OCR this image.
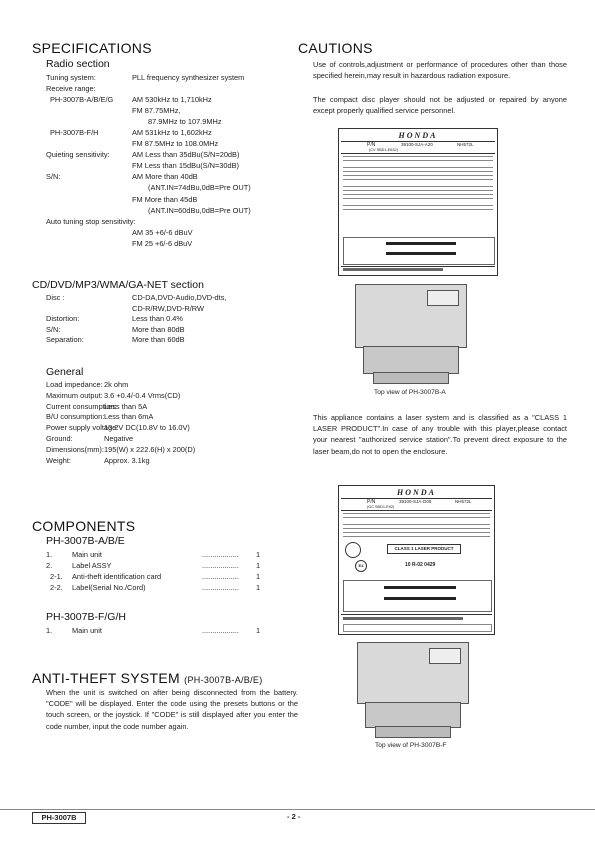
SPECIFICATIONS
Radio section
Tuning system:	PLL frequency synthesizer system
Receive range:
PH-3007B-A/B/E/G	AM 530kHz to 1,710kHz
FM 87.75MHz,
87.9MHz to 107.9MHz
PH-3007B-F/H	AM 531kHz to 1,602kHz
FM 87.5MHz to 108.0MHz
Quieting sensitivity:	AM Less than 35dBu(S/N=20dB)
FM Less than 15dBu(S/N=30dB)
S/N:	AM More than 40dB
(ANT.IN=74dBu,0dB=Pre OUT)
FM More than 45dB
(ANT.IN=60dBu,0dB=Pre OUT)
Auto tuning stop sensitivity:
AM 35 +6/-6 dBuV
FM 25 +6/-6 dBuV
CD/DVD/MP3/WMA/GA-NET section
Disc :	CD-DA,DVD-Audio,DVD-dts,
CD-R/RW,DVD-R/RW
Distortion:	Less than 0.4%
S/N:	More than 80dB
Separation:	More than 60dB
General
Load impedance: 2k ohm
Maximum output: 3.6 +0.4/-0.4 Vrms(CD)
Current consumption:
Less than 5A
B/U consumption: Less than 6mA
Power supply voltage:
13.2V DC(10.8V to 16.0V)
Ground:	Negative
Dimensions(mm): 195(W) x 222.6(H) x 200(D)
Weight:	Approx. 3.1kg
COMPONENTS
PH-3007B-A/B/E
1.	Main unit	.................. 1
2.	Label ASSY	.................. 1
2-1. Anti-theft identification card	.................. 1
2-2. Label(Serial No./Cord)	.................. 1
PH-3007B-F/G/H
1.	Main unit	.................. 1
ANTI-THEFT SYSTEM (PH-3007B-A/B/E)
When the unit is switched on after being disconnected from the battery. "CODE" will be displayed. Enter the code using the presets buttons or the touch screen, or the joystick. If "CODE" is still displayed after you enter the code number, input the code number again.
CAUTIONS
Use of controls,adjustment or performance of procedures other than those specified herein,may result in hazardous radiation exposure.
The compact disc player should not be adjusted or repaired by anyone except properly qualified service personnel.
HONDA
P/N	39100-SJA-A20	NH572L
(CV SBD1-E632)
Top view of PH-3007B-A
This appliance contains a laser system and is classified as a "CLASS 1 LASER PRODUCT".In case of any trouble with this player,please contact your nearest "authorized service station".To prevent direct exposure to the laser beam,do not to open the enclosure.
HONDA
P/N	39100-SJA-G00	NH572L
(GC SBD1-E92)
CLASS 1 LASER PRODUCT
E4	10 R-02 0429
Top view of PH-3007B-F
PH-3007B	- 2 -
